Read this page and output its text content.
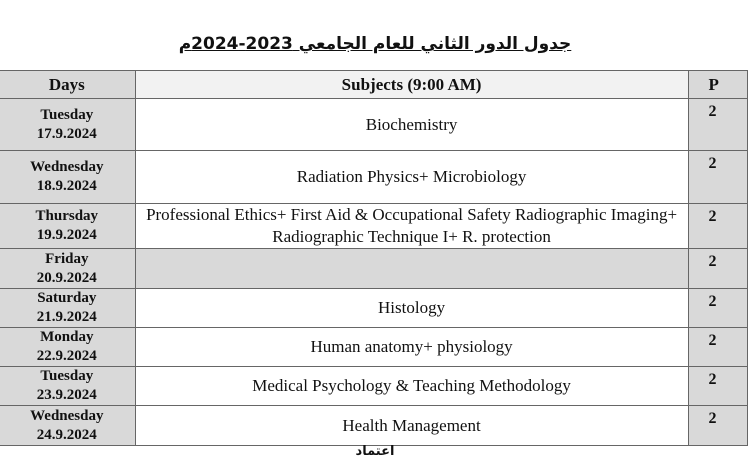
جدول الدور الثاني للعام الجامعي 2023-2024م
Days	Subjects (9:00 AM)	P

Tuesday
17.9.2024	Biochemistry	2

Wednesday
18.9.2024	Radiation Physics+ Microbiology	2

Thursday
19.9.2024	Professional Ethics+ First Aid & Occupational Safety Radiographic Imaging+ Radiographic Technique I+ R. protection	2

Friday
20.9.2024		2

Saturday
21.9.2024	Histology	2

Monday
22.9.2024	Human anatomy+ physiology	2

Tuesday
23.9.2024	Medical Psychology & Teaching Methodology	2

Wednesday
24.9.2024	Health Management	2
اعتماد
